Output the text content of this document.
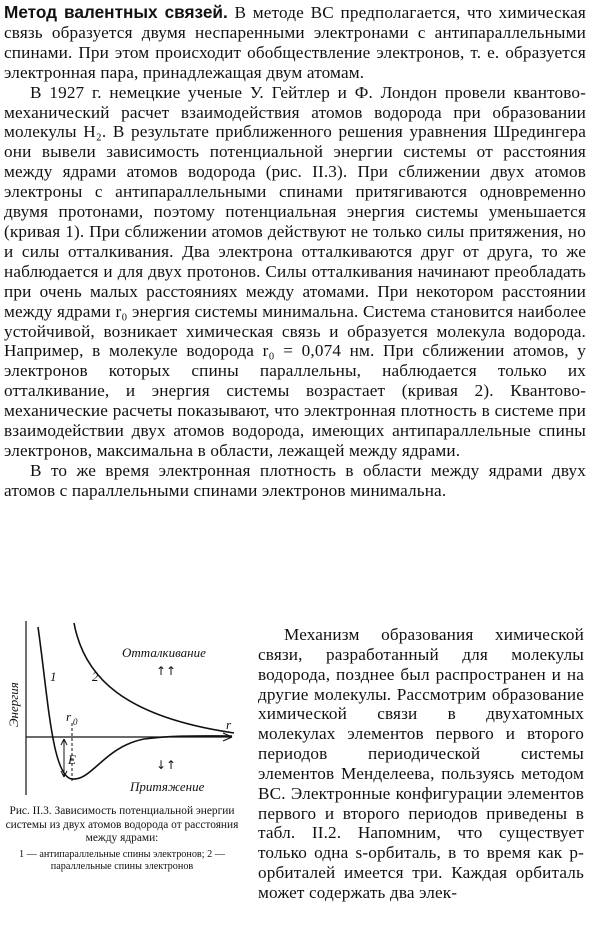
Метод валентных связей. В методе ВС предполагается, что химическая связь образуется двумя неспаренными электронами с антипараллельными спинами. При этом происходит обобществление электронов, т. е. образуется электронная пара, принадлежащая двум атомам.

В 1927 г. немецкие ученые У. Гейтлер и Ф. Лондон провели квантово-механический расчет взаимодействия атомов водорода при образовании молекулы H₂. В результате приближенного решения уравнения Шредингера они вывели зависимость потенциальной энергии системы от расстояния между ядрами атомов водорода (рис. II.3). При сближении двух атомов электроны с антипараллельными спинами притягиваются одновременно двумя протонами, поэтому потенциальная энергия системы уменьшается (кривая 1). При сближении атомов действуют не только силы притяжения, но и силы отталкивания. Два электрона отталкиваются друг от друга, то же наблюдается и для двух протонов. Силы отталкивания начинают преобладать при очень малых расстояниях между атомами. При некотором расстоянии между ядрами r₀ энергия системы минимальна. Система становится наиболее устойчивой, возникает химическая связь и образуется молекула водорода. Например, в молекуле водорода r₀ = 0,074 нм. При сближении атомов, у электронов которых спины параллельны, наблюдается только их отталкивание, и энергия системы возрастает (кривая 2). Квантово-механические расчеты показывают, что электронная плотность в системе при взаимодействии двух атомов водорода, имеющих антипараллельные спины электронов, максимальна в области, лежащей между ядрами.

В то же время электронная плотность в области между ядрами двух атомов с параллельными спинами электронов минимальна.

Отталкивание
↑↑
↓↑
Притяжение
Энергия
1	2
r 0
E
r

Рис. II.3. Зависимость потенциальной энергии системы из двух атомов водорода от расстояния между ядрами:

1 — антипараллельные спины электронов; 2 — параллельные спины электронов

Механизм образования химической связи, разработанный для молекулы водорода, позднее был распространен и на другие молекулы. Рассмотрим образование химической связи в двухатомных молекулах элементов первого и второго периодов периодической системы элементов Менделеева, пользуясь методом ВС. Электронные конфигурации элементов первого и второго периодов приведены в табл. II.2. Напомним, что существует только одна s-орбиталь, в то время как p-орбиталей имеется три. Каждая орбиталь может содержать два элек-
